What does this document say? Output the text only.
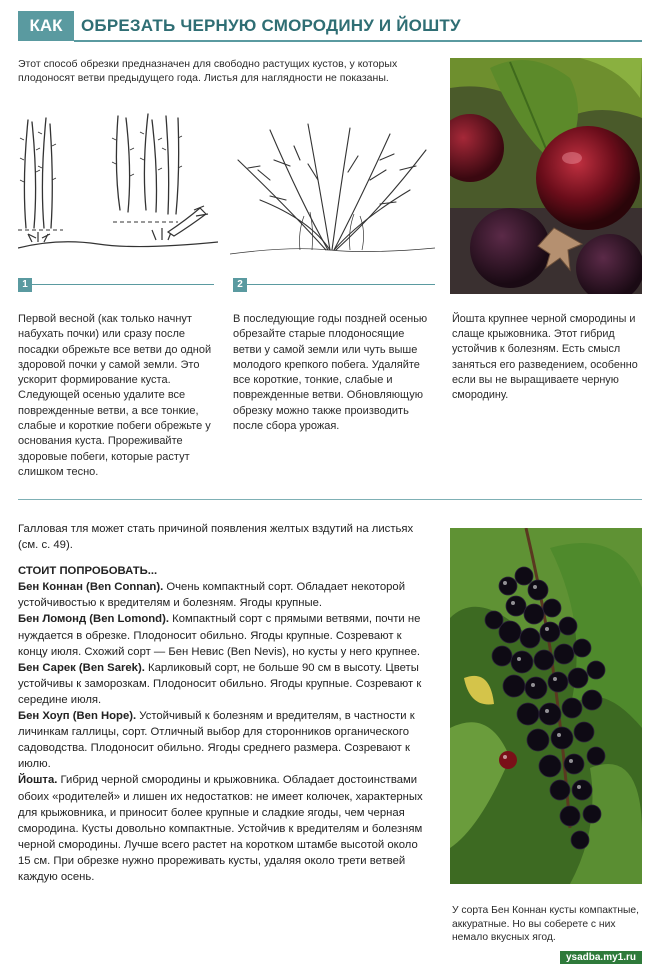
КАК	ОБРЕЗАТЬ ЧЕРНУЮ СМОРОДИНУ И ЙОШТУ
Этот способ обрезки предназначен для свободно растущих кустов, у которых плодоносят ветви предыдущего года. Листья для наглядности не показаны.
1	2
Первой весной (как только начнут набухать почки) или сразу после посадки обрежьте все ветви до одной здоровой почки у самой земли. Это ускорит формирование куста. Следующей осенью удалите все поврежденные ветви, а все тонкие, слабые и короткие побеги обрежьте у основания куста. Прореживайте здоровые побеги, которые растут слишком тесно.
В последующие годы поздней осенью обрезайте старые плодоносящие ветви у самой земли или чуть выше молодого крепкого побега. Удаляйте все короткие, тонкие, слабые и поврежденные ветви. Обновляющую обрезку можно также производить после сбора урожая.
Йошта крупнее черной смородины и слаще крыжовника. Этот гибрид устойчив к болезням. Есть смысл заняться его разведением, особенно если вы не выращиваете черную смородину.

Галловая тля может стать причиной появления желтых вздутий на листьях (см. с. 49).

СТОИТ ПОПРОБОВАТЬ...

Бен Коннан (Ben Connan). Очень компактный сорт. Обладает некоторой устойчивостью к вредителям и болезням. Ягоды крупные.

Бен Ломонд (Ben Lomond). Компактный сорт с прямыми ветвями, почти не нуждается в обрезке. Плодоносит обильно. Ягоды крупные. Созревают к концу июля. Схожий сорт — Бен Невис (Ben Nevis), но кусты у него крупнее.

Бен Сарек (Ben Sarek). Карликовый сорт, не больше 90 см в высоту. Цветы устойчивы к заморозкам. Плодоносит обильно. Ягоды крупные. Созревают к середине июля.

Бен Хоуп (Ben Hope). Устойчивый к болезням и вредителям, в частности к личинкам галлицы, сорт. Отличный выбор для сторонников органического садоводства. Плодоносит обильно. Ягоды среднего размера. Созревают к июлю.

Йошта. Гибрид черной смородины и крыжовника. Обладает достоинствами обоих «родителей» и лишен их недостатков: не имеет колючек, характерных для крыжовника, и приносит более крупные и сладкие ягоды, чем черная смородина. Кусты довольно компактные. Устойчив к вредителям и болезням черной смородины. Лучше всего растет на коротком штамбе высотой около 15 см. При обрезке нужно прореживать кусты, удаляя около трети ветвей каждую осень.

У сорта Бен Коннан кусты компактные, аккуратные. Но вы соберете с них немало вкусных ягод.
ysadba.my1.ru
